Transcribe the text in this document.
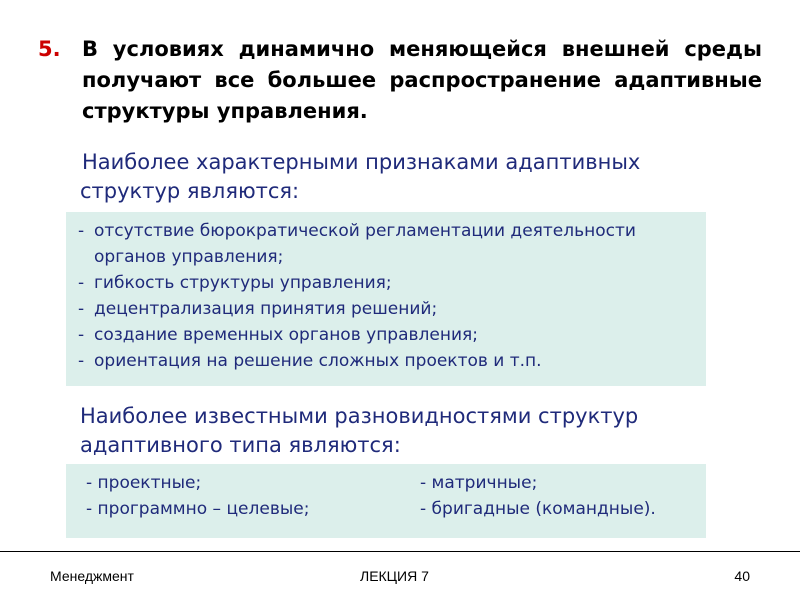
5.	В условиях динамично меняющейся внешней среды получают все большее распространение адаптивные структуры управления.
Наиболее характерными признаками адаптивных структур являются:
- отсутствие бюрократической регламентации деятельности
органов управления;
- гибкость структуры управления;
- децентрализация принятия решений;
- создание временных органов управления;
- ориентация на решение сложных проектов и т.п.
Наиболее известными разновидностями структур адаптивного типа являются:
- проектные;	- матричные;
- программно – целевые;	- бригадные (командные).
Менеджмент	ЛЕКЦИЯ 7	40
